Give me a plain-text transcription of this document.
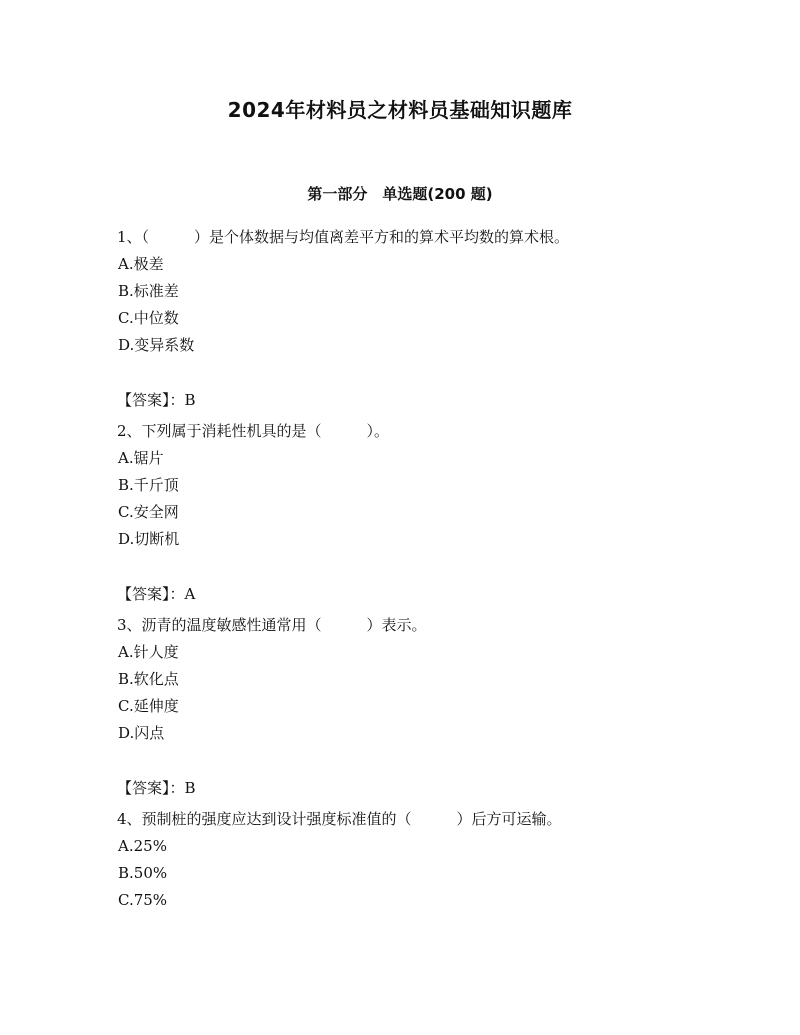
2024年材料员之材料员基础知识题库
第一部分　单选题(200 题)
1、（　　　）是个体数据与均值离差平方和的算术平均数的算术根。
A.极差
B.标准差
C.中位数
D.变异系数
【答案】：B
2、下列属于消耗性机具的是（　　　）。
A.锯片
B.千斤顶
C.安全网
D.切断机
【答案】：A
3、沥青的温度敏感性通常用（　　　）表示。
A.针人度
B.软化点
C.延伸度
D.闪点
【答案】：B
4、预制桩的强度应达到设计强度标准值的（　　　）后方可运输。
A.25%
B.50%
C.75%
